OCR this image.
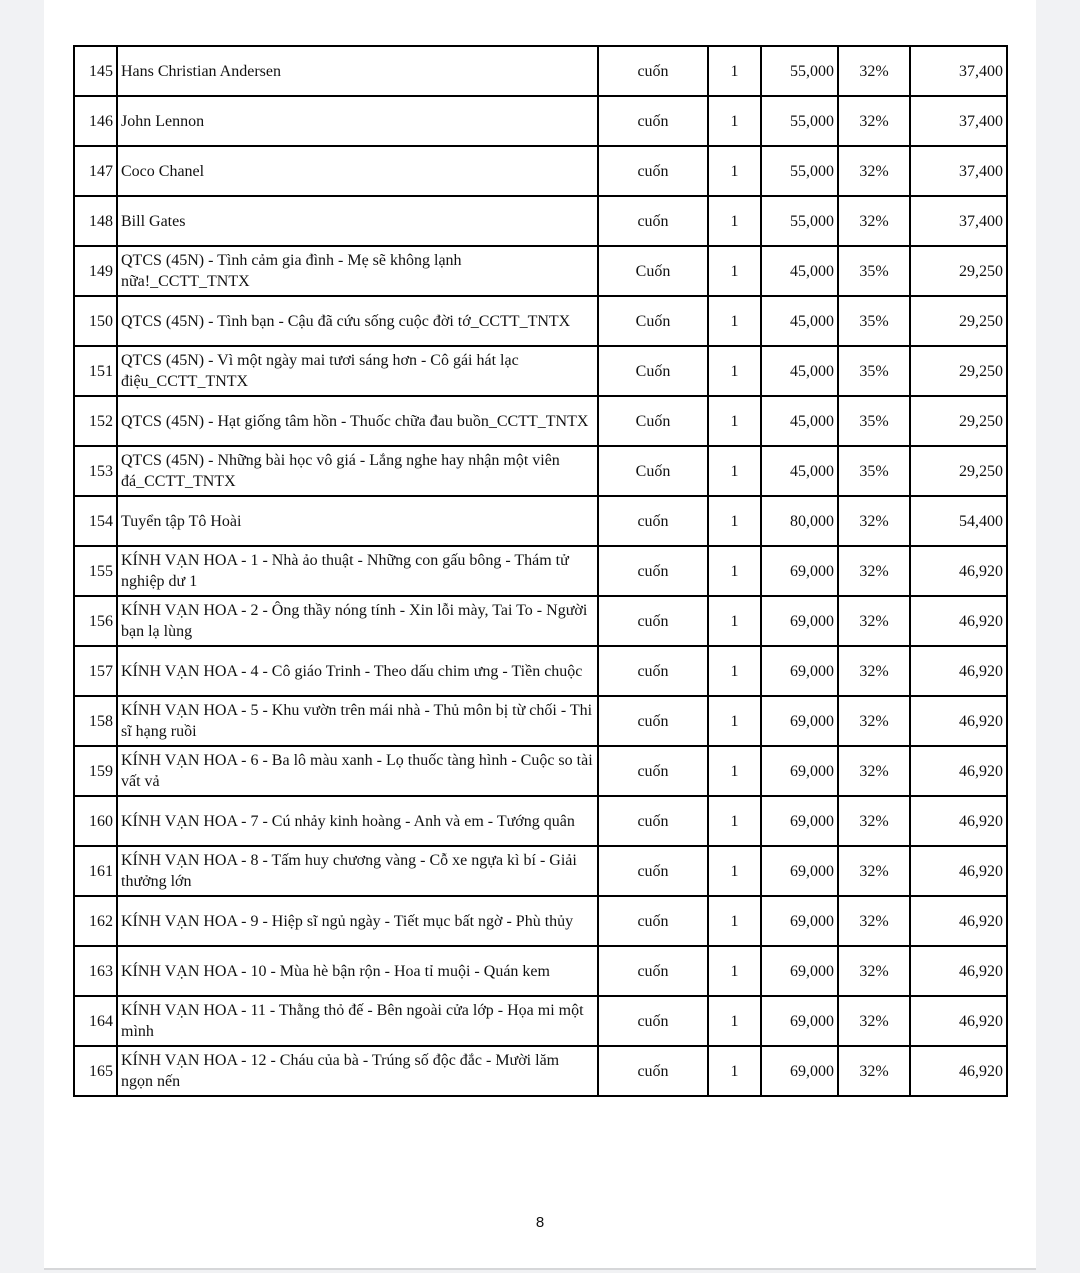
145	Hans Christian Andersen	cuốn	1	55,000	32%	37,400
146	John Lennon	cuốn	1	55,000	32%	37,400
147	Coco Chanel	cuốn	1	55,000	32%	37,400
148	Bill Gates	cuốn	1	55,000	32%	37,400
149	QTCS (45N) - Tình cảm gia đình - Mẹ sẽ không lạnh nữa!_CCTT_TNTX	Cuốn	1	45,000	35%	29,250
150	QTCS (45N) - Tình bạn - Cậu đã cứu sống cuộc đời tớ_CCTT_TNTX	Cuốn	1	45,000	35%	29,250
151	QTCS (45N) - Vì một ngày mai tươi sáng hơn - Cô gái hát lạc điệu_CCTT_TNTX	Cuốn	1	45,000	35%	29,250
152	QTCS (45N) - Hạt giống tâm hồn - Thuốc chữa đau buồn_CCTT_TNTX	Cuốn	1	45,000	35%	29,250
153	QTCS (45N) - Những bài học vô giá - Lắng nghe hay nhận một viên đá_CCTT_TNTX	Cuốn	1	45,000	35%	29,250
154	Tuyển tập Tô Hoài	cuốn	1	80,000	32%	54,400
155	KÍNH VẠN HOA - 1 - Nhà ảo thuật - Những con gấu bông - Thám tử nghiệp dư 1	cuốn	1	69,000	32%	46,920
156	KÍNH VẠN HOA - 2 - Ông thầy nóng tính - Xin lỗi mày, Tai To - Người bạn lạ lùng	cuốn	1	69,000	32%	46,920
157	KÍNH VẠN HOA - 4 - Cô giáo Trinh - Theo dấu chim ưng - Tiền chuộc	cuốn	1	69,000	32%	46,920
158	KÍNH VẠN HOA - 5 - Khu vườn trên mái nhà - Thủ môn bị từ chối - Thi sĩ hạng ruồi	cuốn	1	69,000	32%	46,920
159	KÍNH VẠN HOA - 6 - Ba lô màu xanh - Lọ thuốc tàng hình - Cuộc so tài vất vả	cuốn	1	69,000	32%	46,920
160	KÍNH VẠN HOA - 7 - Cú nhảy kinh hoàng - Anh và em - Tướng quân	cuốn	1	69,000	32%	46,920
161	KÍNH VẠN HOA - 8 - Tấm huy chương vàng - Cỗ xe ngựa kì bí - Giải thưởng lớn	cuốn	1	69,000	32%	46,920
162	KÍNH VẠN HOA - 9 - Hiệp sĩ ngủ ngày - Tiết mục bất ngờ - Phù thủy	cuốn	1	69,000	32%	46,920
163	KÍNH VẠN HOA - 10 - Mùa hè bận rộn - Hoa tỉ muội - Quán kem	cuốn	1	69,000	32%	46,920
164	KÍNH VẠN HOA - 11 - Thằng thỏ đế - Bên ngoài cửa lớp - Họa mi một mình	cuốn	1	69,000	32%	46,920
165	KÍNH VẠN HOA - 12 - Cháu của bà - Trúng số độc đắc - Mười lăm ngọn nến	cuốn	1	69,000	32%	46,920
8
